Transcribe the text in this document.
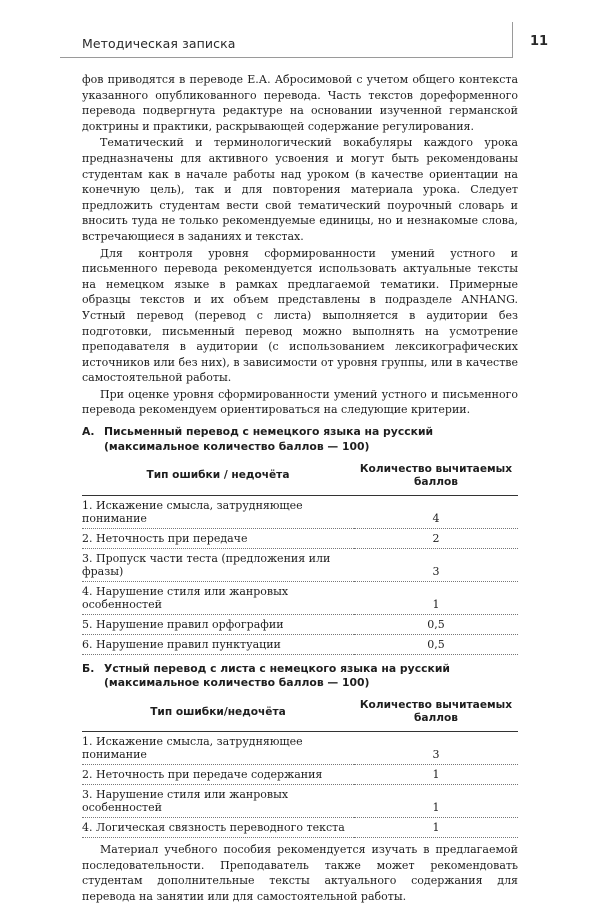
Методическая записка	11

фов приводятся в переводе Е.А. Абросимовой с учетом общего контекста указанного опубликованного перевода. Часть текстов дореформенного перевода подвергнута редактуре на основании изученной германской доктрины и практики, раскрывающей содержание регулирования.

Тематический и терминологический вокабуляры каждого урока предназначены для активного усвоения и могут быть рекомендованы студентам как в начале работы над уроком (в качестве ориентации на конечную цель), так и для повторения материала урока. Следует предложить студентам вести свой тематический поурочный словарь и вносить туда не только рекомендуемые единицы, но и незнакомые слова, встречающиеся в заданиях и текстах.

Для контроля уровня сформированности умений устного и письменного перевода рекомендуется использовать актуальные тексты на немецком языке в рамках предлагаемой тематики. Примерные образцы текстов и их объем представлены в подразделе ANHANG. Устный перевод (перевод с листа) выполняется в аудитории без подготовки, письменный перевод можно выполнять на усмотрение преподавателя в аудитории (с использованием лексикографических источников или без них), в зависимости от уровня группы, или в качестве самостоятельной работы.

При оценке уровня сформированности умений устного и письменного перевода рекомендуем ориентироваться на следующие критерии.

А. Письменный перевод с немецкого языка на русский (максимальное количество баллов — 100)
Тип ошибки / недочёта	Количество вычитаемых баллов
1. Искажение смысла, затрудняющее понимание	4
2. Неточность при передаче	2
3. Пропуск части теста (предложения или фразы)	3
4. Нарушение стиля или жанровых особенностей	1
5. Нарушение правил орфографии	0,5
6. Нарушение правил пунктуации	0,5
Б. Устный перевод с листа с немецкого языка на русский (максимальное количество баллов — 100)
Тип ошибки/недочёта	Количество вычитаемых баллов
1. Искажение смысла, затрудняющее понимание	3
2. Неточность при передаче содержания	1
3. Нарушение стиля или жанровых особенностей	1
4. Логическая связность переводного текста	1

Материал учебного пособия рекомендуется изучать в предлагаемой последовательности. Преподаватель также может рекомендовать студентам дополнительные тексты актуального содержания для перевода на занятии или для самостоятельной работы.
